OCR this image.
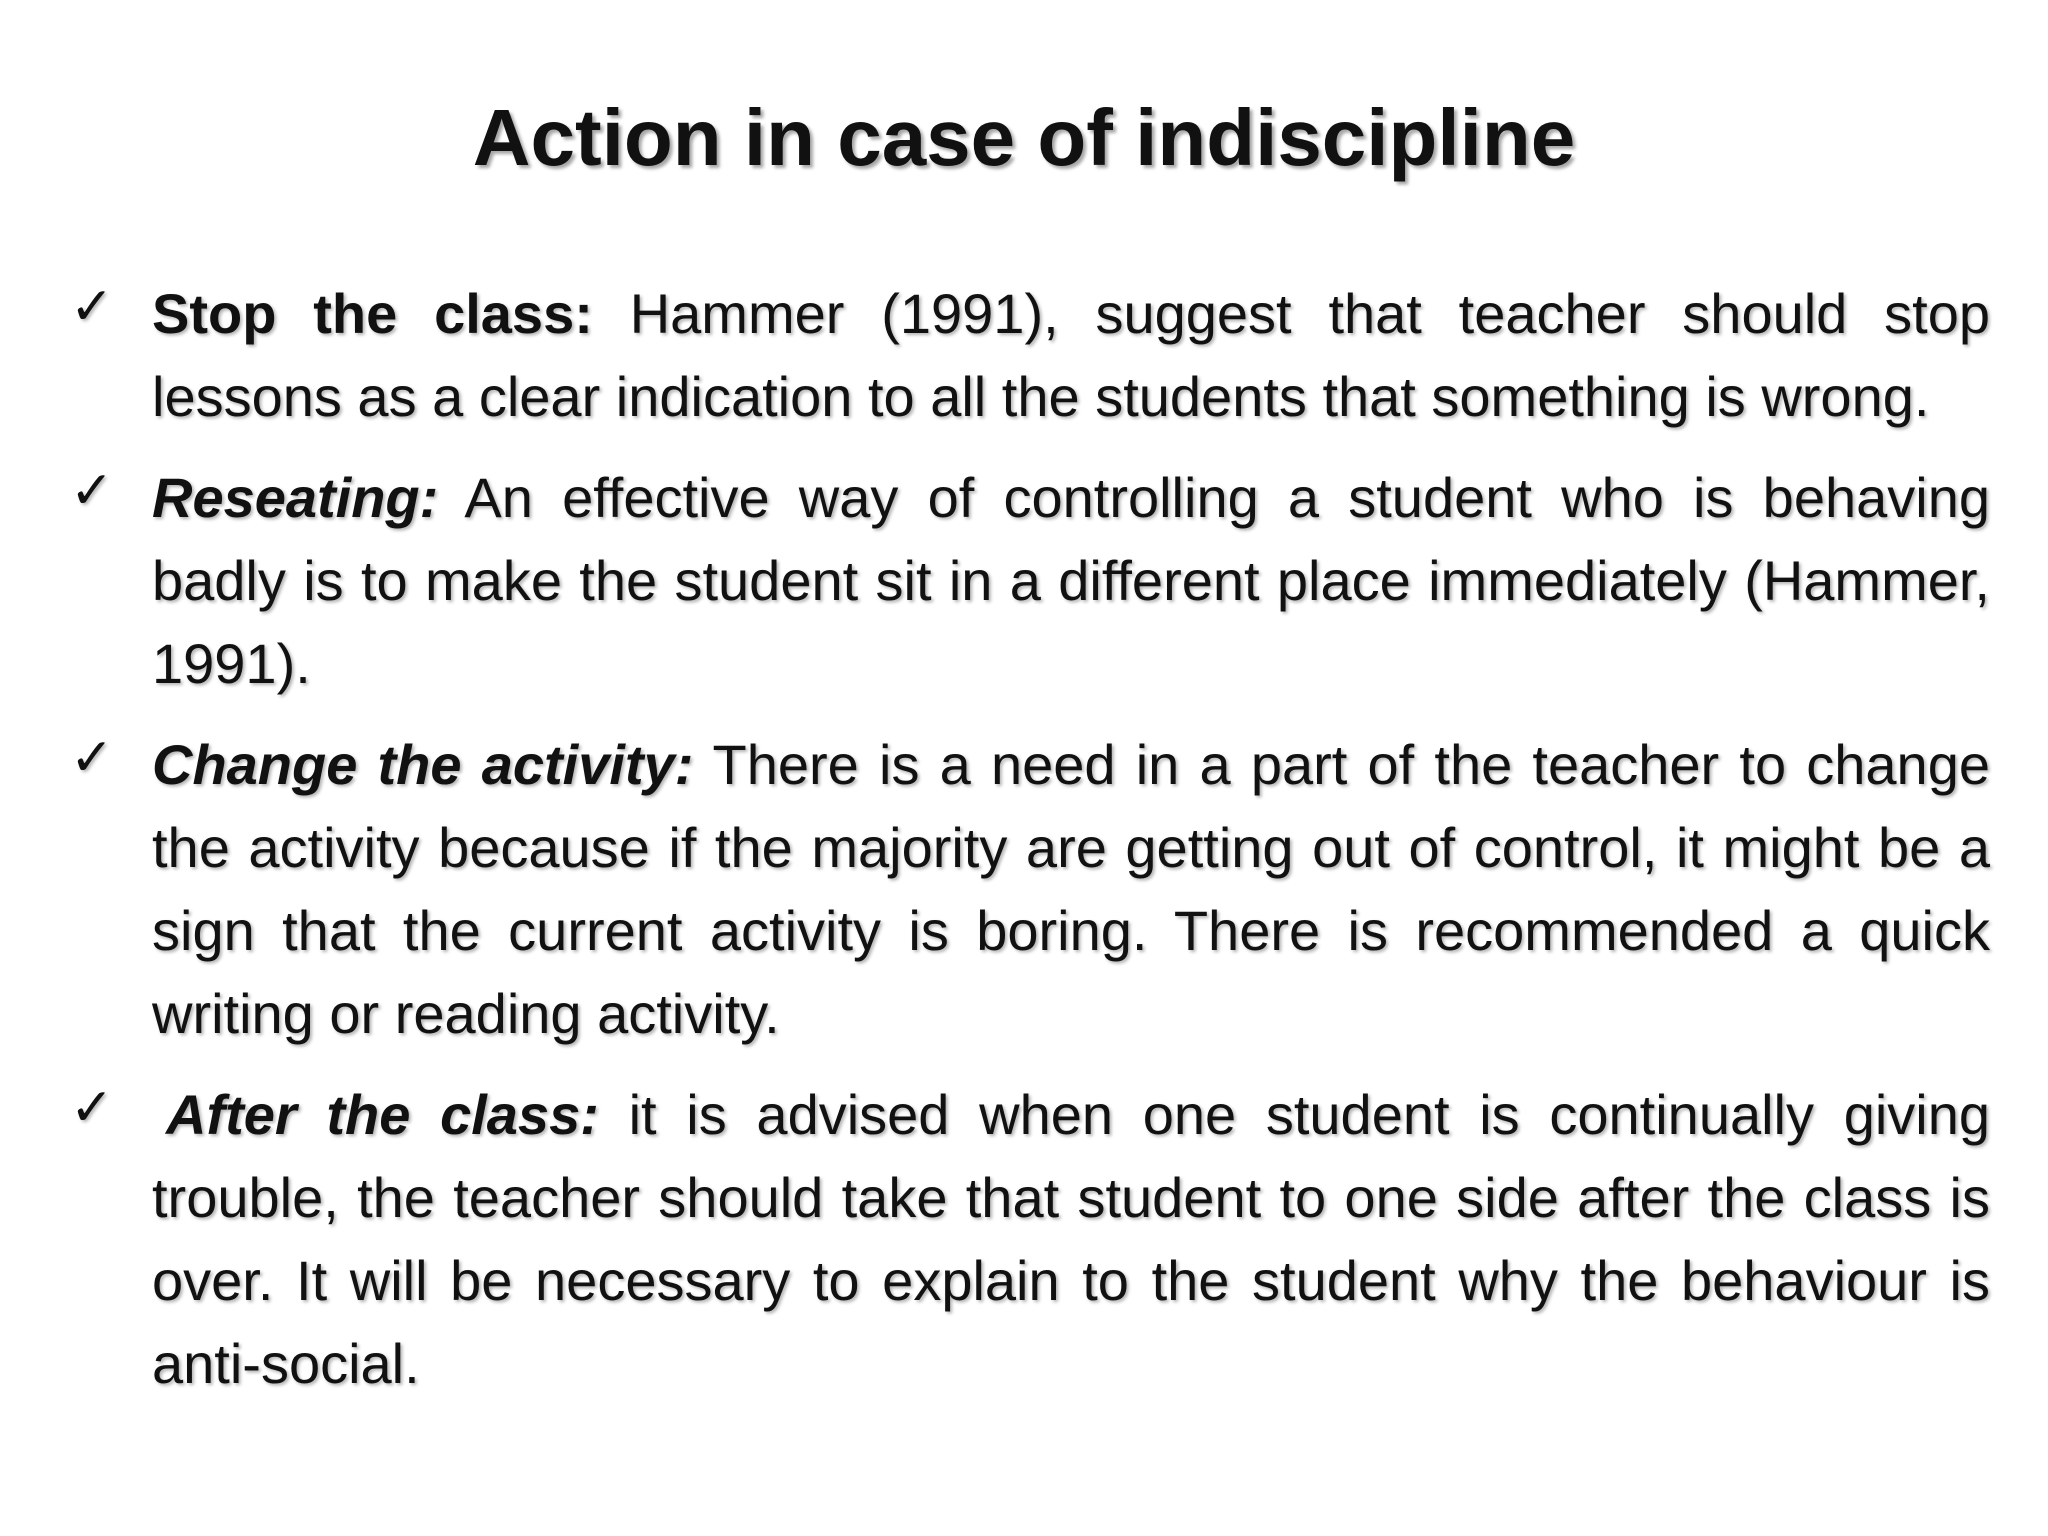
Action in case of indiscipline
✓ Stop the class: Hammer (1991), suggest that teacher should stop lessons as a clear indication to all the students that something is wrong.
✓ Reseating: An effective way of controlling a student who is behaving badly is to make the student sit in a different place immediately (Hammer, 1991).
✓ Change the activity: There is a need in a part of the teacher to change the activity because if the majority are getting out of control, it might be a sign that the current activity is boring. There is recommended a quick writing or reading activity.
✓ After the class: it is advised when one student is continually giving trouble, the teacher should take that student to one side after the class is over. It will be necessary to explain to the student why the behaviour is anti-social.
